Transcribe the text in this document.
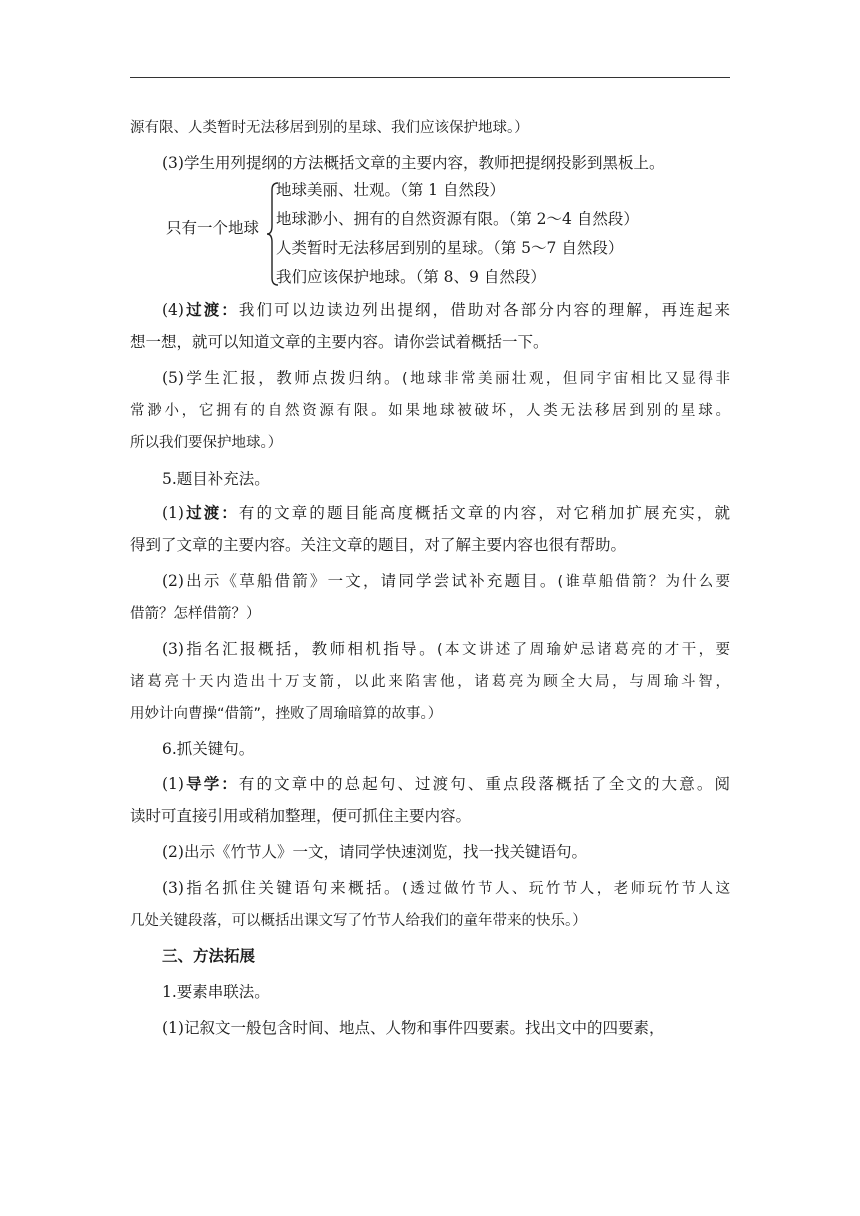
源有限、人类暂时无法移居到别的星球、我们应该保护地球。）
(3)学生用列提纲的方法概括文章的主要内容，教师把提纲投影到黑板上。
只有一个地球
地球美丽、壮观。（第 1 自然段）
地球渺小、拥有的自然资源有限。（第 2～4 自然段）
人类暂时无法移居到别的星球。（第 5～7 自然段）
我们应该保护地球。（第 8、9 自然段）
(4)过渡：我们可以边读边列出提纲，借助对各部分内容的理解，再连起来
想一想，就可以知道文章的主要内容。请你尝试着概括一下。
(5)学生汇报，教师点拨归纳。(地球非常美丽壮观，但同宇宙相比又显得非
常渺小，它拥有的自然资源有限。如果地球被破坏，人类无法移居到别的星球。
所以我们要保护地球。）
5.题目补充法。
(1)过渡：有的文章的题目能高度概括文章的内容，对它稍加扩展充实，就
得到了文章的主要内容。关注文章的题目，对了解主要内容也很有帮助。
(2)出示《草船借箭》一文，请同学尝试补充题目。(谁草船借箭？为什么要
借箭？怎样借箭？）
(3)指名汇报概括，教师相机指导。(本文讲述了周瑜妒忌诸葛亮的才干，要
诸葛亮十天内造出十万支箭，以此来陷害他，诸葛亮为顾全大局，与周瑜斗智，
用妙计向曹操“借箭”，挫败了周瑜暗算的故事。）
6.抓关键句。
(1)导学：有的文章中的总起句、过渡句、重点段落概括了全文的大意。阅
读时可直接引用或稍加整理，便可抓住主要内容。
(2)出示《竹节人》一文，请同学快速浏览，找一找关键语句。
(3)指名抓住关键语句来概括。(透过做竹节人、玩竹节人，老师玩竹节人这
几处关键段落，可以概括出课文写了竹节人给我们的童年带来的快乐。）
三、方法拓展
1.要素串联法。
(1)记叙文一般包含时间、地点、人物和事件四要素。找出文中的四要素，
